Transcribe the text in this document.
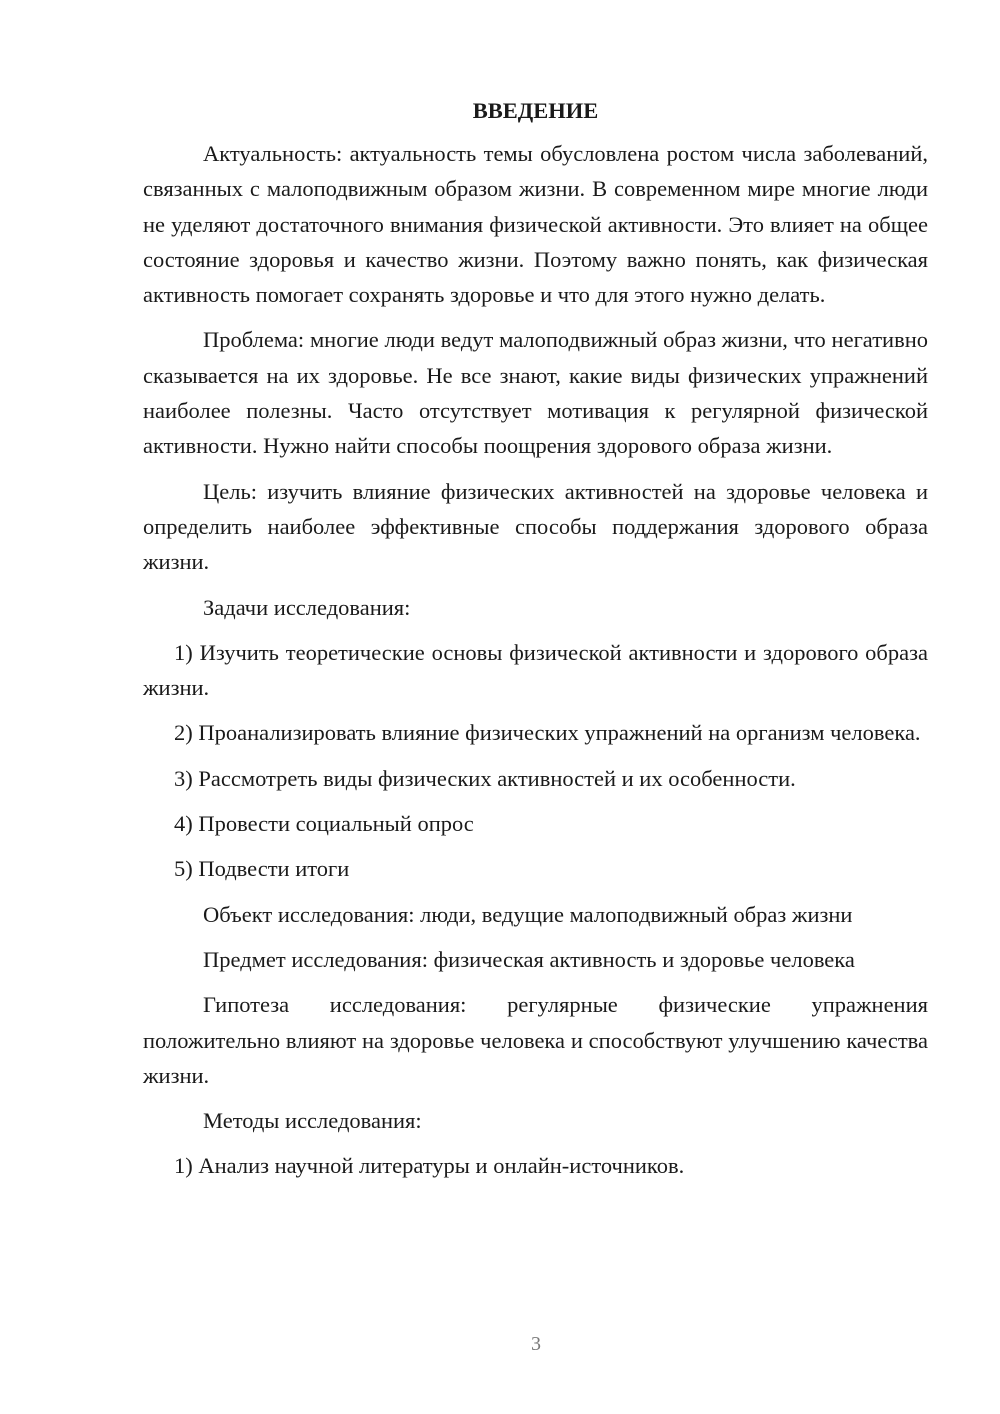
ВВЕДЕНИЕ

Актуальность: актуальность темы обусловлена ростом числа заболеваний, связанных с малоподвижным образом жизни. В современном мире многие люди не уделяют достаточного внимания физической активности. Это влияет на общее состояние здоровья и качество жизни. Поэтому важно понять, как физическая активность помогает сохранять здоровье и что для этого нужно делать.

Проблема: многие люди ведут малоподвижный образ жизни, что негативно сказывается на их здоровье. Не все знают, какие виды физических упражнений наиболее полезны. Часто отсутствует мотивация к регулярной физической активности. Нужно найти способы поощрения здорового образа жизни.

Цель: изучить влияние физических активностей на здоровье человека и определить наиболее эффективные способы поддержания здорового образа жизни.

Задачи исследования:

1) Изучить теоретические основы физической активности и здорового образа жизни.

2) Проанализировать влияние физических упражнений на организм человека.

3) Рассмотреть виды физических активностей и их особенности.

4) Провести социальный опрос

5) Подвести итоги

Объект исследования: люди, ведущие малоподвижный образ жизни

Предмет исследования: физическая активность и здоровье человека

Гипотеза исследования: регулярные физические упражнения положительно влияют на здоровье человека и способствуют улучшению качества жизни.

Методы исследования:

1) Анализ научной литературы и онлайн-источников.

3
